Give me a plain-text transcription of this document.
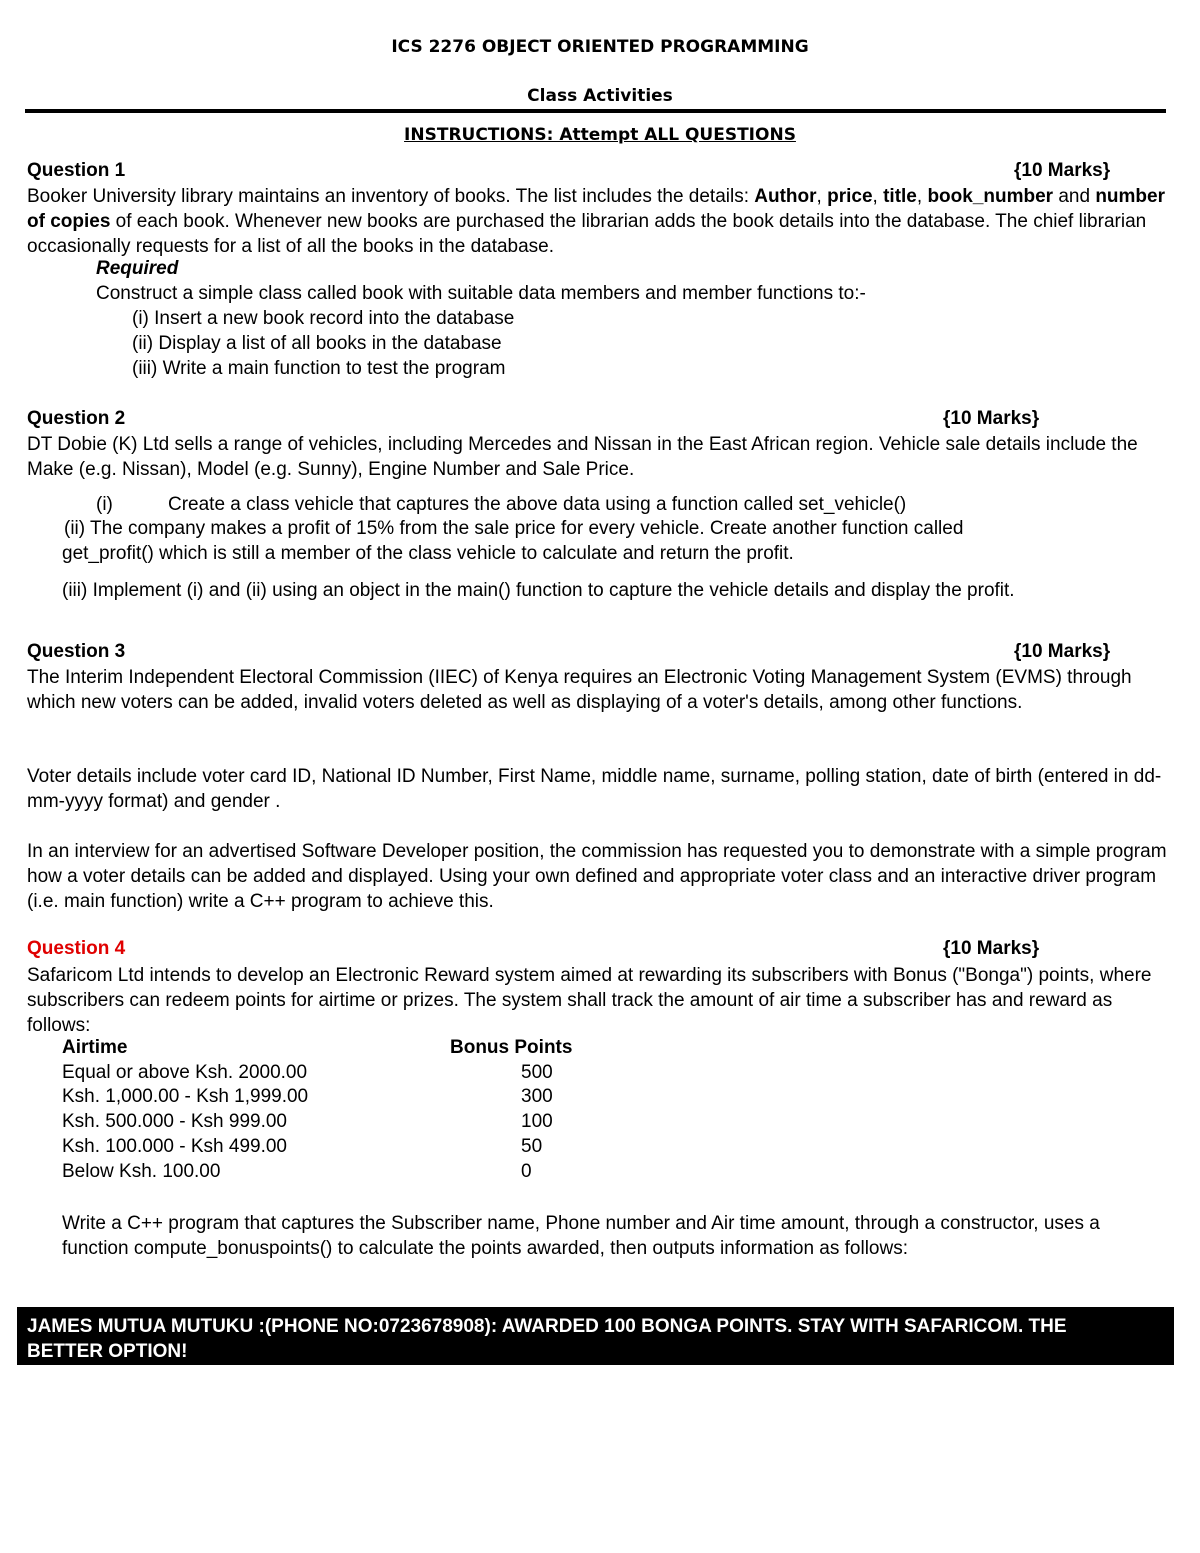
ICS 2276 OBJECT ORIENTED PROGRAMMING
Class Activities
INSTRUCTIONS: Attempt ALL QUESTIONS
Question 1	{10 Marks}
Booker University library maintains an inventory of books. The list includes the details: Author, price, title, book_number and number of copies of each book. Whenever new books are purchased the librarian adds the book details into the database. The chief librarian occasionally requests for a list of all the books in the database.
Required
Construct a simple class called book with suitable data members and member functions to:-
(i) Insert a new book record into the database
(ii) Display a list of all books in the database
(iii) Write a main function to test the program
Question 2	{10 Marks}
DT Dobie (K) Ltd sells a range of vehicles, including Mercedes and Nissan in the East African region. Vehicle sale details include the Make (e.g. Nissan), Model (e.g. Sunny), Engine Number and Sale Price.
(i)	Create a class vehicle that captures the above data using a function called set_vehicle()
(ii) The company makes a profit of 15% from the sale price for every vehicle. Create another function called
get_profit() which is still a member of the class vehicle to calculate and return the profit.
(iii) Implement (i) and (ii) using an object in the main() function to capture the vehicle details and display the profit.
Question 3	{10 Marks}
The Interim Independent Electoral Commission (IIEC) of Kenya requires an Electronic Voting Management System (EVMS) through which new voters can be added, invalid voters deleted as well as displaying of a voter's details, among other functions.
Voter details include voter card ID, National ID Number, First Name, middle name, surname, polling station, date of birth (entered in dd-mm-yyyy format) and gender .
In an interview for an advertised Software Developer position, the commission has requested you to demonstrate with a simple program how a voter details can be added and displayed. Using your own defined and appropriate voter class and an interactive driver program (i.e. main function) write a C++ program to achieve this.
Question 4	{10 Marks}
Safaricom Ltd intends to develop an Electronic Reward system aimed at rewarding its subscribers with Bonus ("Bonga") points, where subscribers can redeem points for airtime or prizes. The system shall track the amount of air time a subscriber has and reward as follows:
Airtime	Bonus Points
Equal or above Ksh. 2000.00	500
Ksh. 1,000.00 - Ksh 1,999.00	300
Ksh. 500.000 - Ksh 999.00	100
Ksh. 100.000 - Ksh 499.00	50
Below Ksh. 100.00	0
Write a C++ program that captures the Subscriber name, Phone number and Air time amount, through a constructor, uses a function compute_bonuspoints() to calculate the points awarded, then outputs information as follows:
JAMES MUTUA MUTUKU :(PHONE NO:0723678908): AWARDED 100 BONGA POINTS. STAY WITH SAFARICOM. THE BETTER OPTION!
